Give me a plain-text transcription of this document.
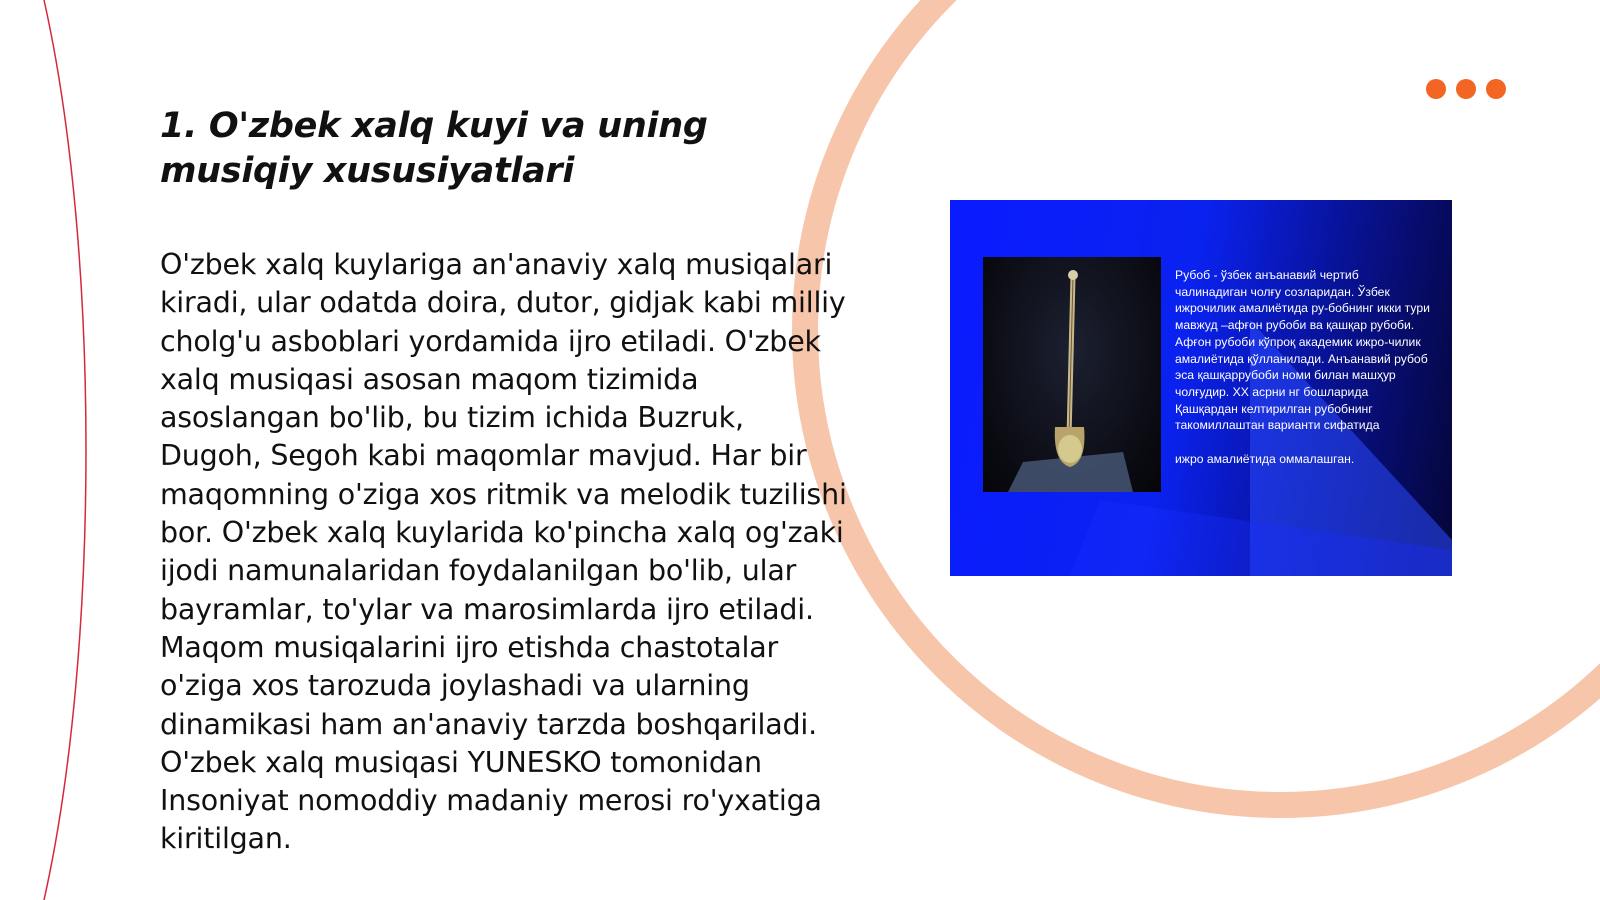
1. O'zbek xalq kuyi va uning musiqiy xususiyatlari

O'zbek xalq kuylariga an'anaviy xalq musiqalari kiradi, ular odatda doira, dutor, gidjak kabi milliy cholg'u asboblari yordamida ijro etiladi. O'zbek xalq musiqasi asosan maqom tizimida asoslangan bo'lib, bu tizim ichida Buzruk, Dugoh, Segoh kabi maqomlar mavjud. Har bir maqomning o'ziga xos ritmik va melodik tuzilishi bor. O'zbek xalq kuylarida ko'pincha xalq og'zaki ijodi namunalaridan foydalanilgan bo'lib, ular bayramlar, to'ylar va marosimlarda ijro etiladi. Maqom musiqalarini ijro etishda chastotalar o'ziga xos tarozuda joylashadi va ularning dinamikasi ham an'anaviy tarzda boshqariladi. O'zbek xalq musiqasi YUNESKO tomonidan Insoniyat nomoddiy madaniy merosi ro'yxatiga kiritilgan.

Рубоб - ўзбек анъанавий чертиб чалинадиган чолғу созларидан. Ўзбек ижрочилик амалиётида ру-бобнинг икки тури мавжуд –афғон рубоби ва қашқар рубоби. Афғон рубоби кўпроқ академик ижро-чилик амалиётида қўлланилади. Анъанавий рубоб эса қашқаррубоби номи билан машҳур чолғудир. XX асрни нг бошларида Қашқардан келтирилган рубобнинг такомиллаштан варианти сифатида

ижро амалиётида оммалашган.
